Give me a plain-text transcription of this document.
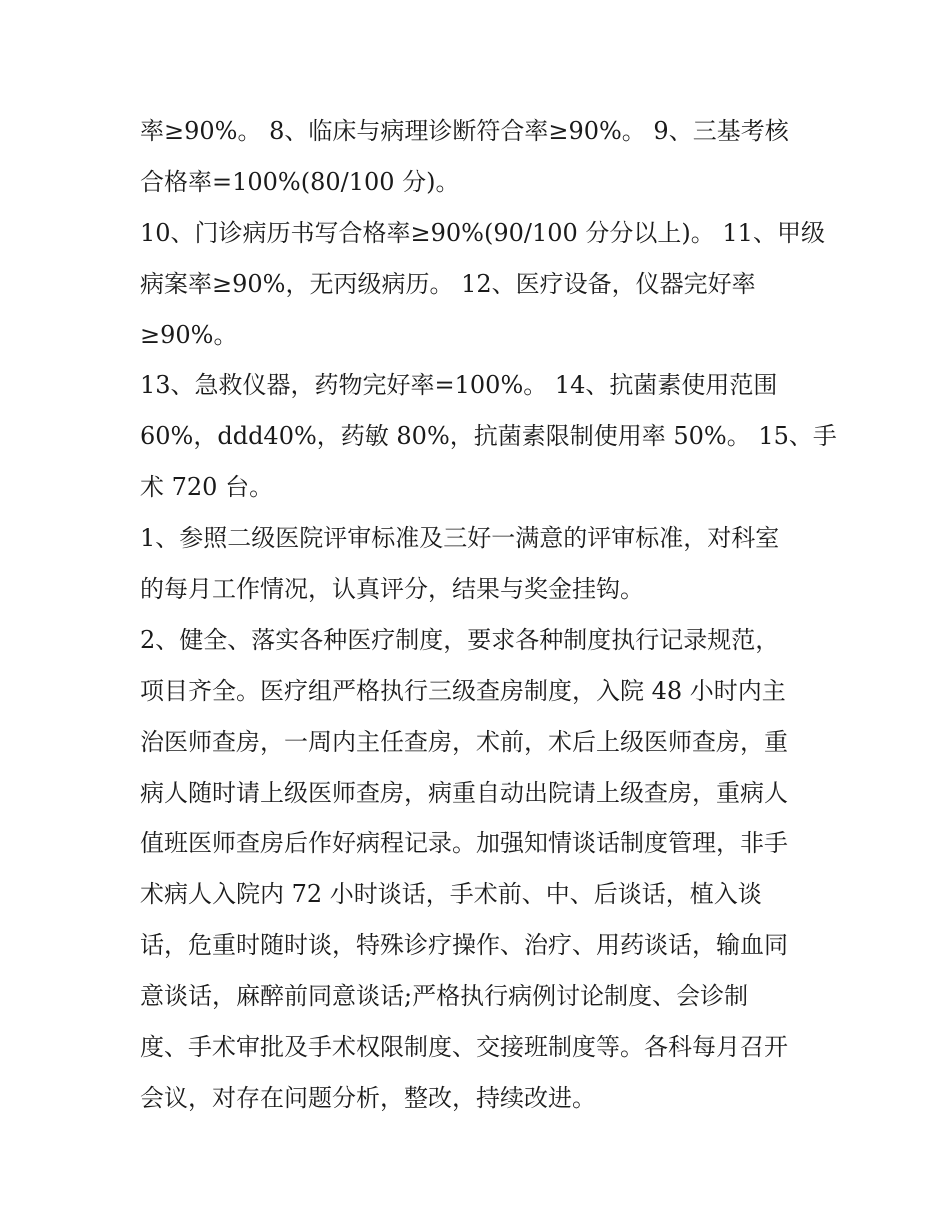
率≥90%。 8、临床与病理诊断符合率≥90%。 9、三基考核
合格率=100%(80/100 分)。
10、门诊病历书写合格率≥90%(90/100 分分以上)。 11、甲级
病案率≥90%，无丙级病历。 12、医疗设备，仪器完好率
≥90%。
13、急救仪器，药物完好率=100%。 14、抗菌素使用范围
60%，ddd40%，药敏 80%，抗菌素限制使用率 50%。 15、手
术 720 台。
1、参照二级医院评审标准及三好一满意的评审标准，对科室
的每月工作情况，认真评分，结果与奖金挂钩。
2、健全、落实各种医疗制度，要求各种制度执行记录规范，
项目齐全。医疗组严格执行三级查房制度，入院 48 小时内主
治医师查房，一周内主任查房，术前，术后上级医师查房，重
病人随时请上级医师查房，病重自动出院请上级查房，重病人
值班医师查房后作好病程记录。加强知情谈话制度管理，非手
术病人入院内 72 小时谈话，手术前、中、后谈话，植入谈
话，危重时随时谈，特殊诊疗操作、治疗、用药谈话，输血同
意谈话，麻醉前同意谈话;严格执行病例讨论制度、会诊制
度、手术审批及手术权限制度、交接班制度等。各科每月召开
会议，对存在问题分析，整改，持续改进。
